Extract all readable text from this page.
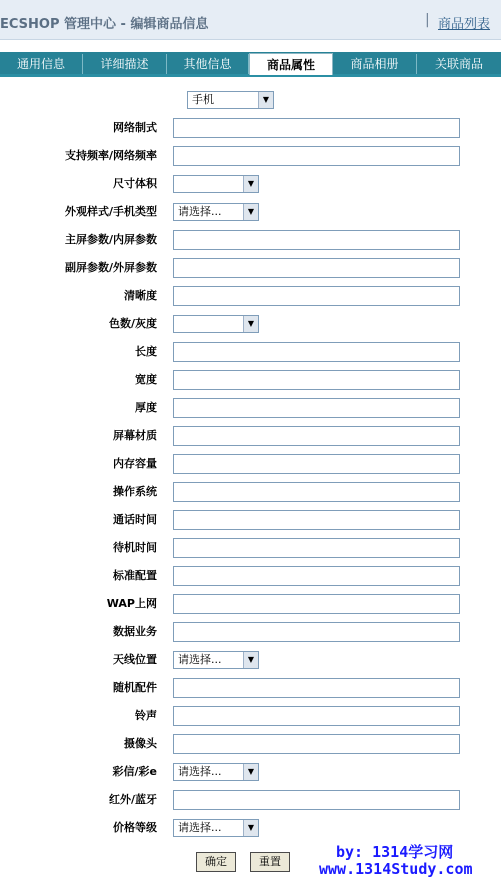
ECSHOP 管理中心 - 编辑商品信息	| 商品列表
通用信息	详细描述	其他信息	商品属性	商品相册	关联商品
手机	▼
网络制式
支持频率/网络频率
尺寸体积	▼
外观样式/手机类型 请选择...	▼
主屏参数/内屏参数
副屏参数/外屏参数
清晰度
色数/灰度	▼
长度
宽度
厚度
屏幕材质
内存容量
操作系统
通话时间
待机时间
标准配置
WAP上网
数据业务
天线位置 请选择...	▼
随机配件
铃声
摄像头
彩信/彩e 请选择...	▼
红外/蓝牙
价格等级 请选择...	▼
确定	重置
by: 1314学习网
www.1314Study.com
